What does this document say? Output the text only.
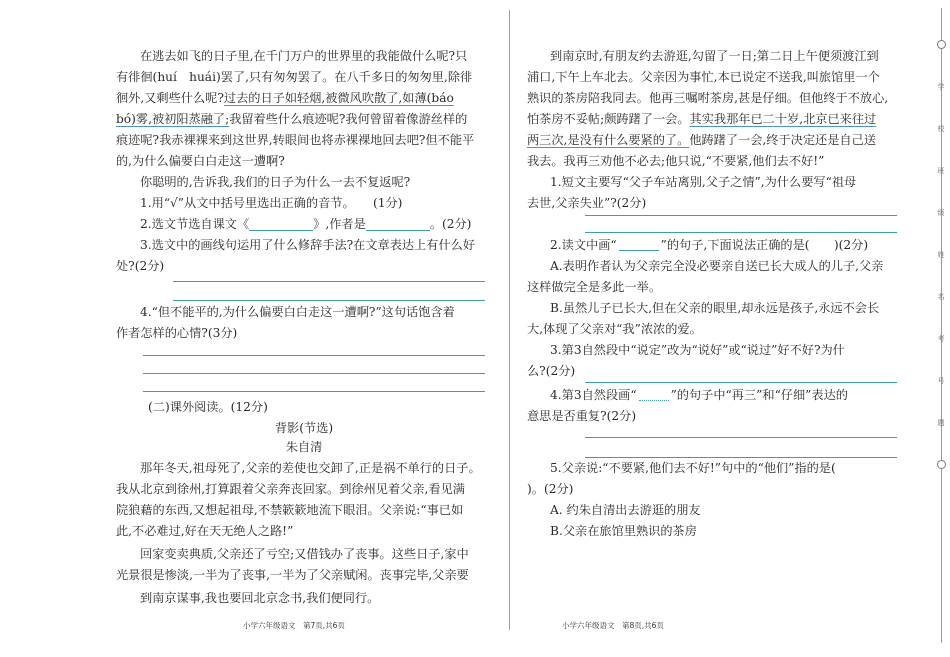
在逃去如飞的日子里,在千门万户的世界里的我能做什么呢?只
有徘徊(huí　huái)罢了,只有匆匆罢了。在八千多日的匆匆里,除徘
徊外,又剩些什么呢?过去的日子如轻烟,被微风吹散了,如薄(báo
bó)雾,被初阳蒸融了;我留着些什么痕迹呢?我何曾留着像游丝样的
痕迹呢?我赤裸裸来到这世界,转眼间也将赤裸裸地回去吧?但不能平
的,为什么偏要白白走这一遭啊?
你聪明的,告诉我,我们的日子为什么一去不复返呢?
1.用“√”从文中括号里选出正确的音节。　　(1分)
2.选文节选自课文《	》,作者是	。(2分)
3.选文中的画线句运用了什么修辞手法?在文章表达上有什么好
处?(2分)
4.“但不能平的,为什么偏要白白走这一遭啊?”这句话饱含着
作者怎样的心情?(3分)
(二)课外阅读。(12分)
背影(节选)
朱自清
那年冬天,祖母死了,父亲的差使也交卸了,正是祸不单行的日子。
我从北京到徐州,打算跟着父亲奔丧回家。到徐州见着父亲,看见满
院狼藉的东西,又想起祖母,不禁簌簌地流下眼泪。父亲说:“事已如
此,不必难过,好在天无绝人之路!”
回家变卖典质,父亲还了亏空;又借钱办了丧事。这些日子,家中
光景很是惨淡,一半为了丧事,一半为了父亲赋闲。丧事完毕,父亲要
到南京谋事,我也要回北京念书,我们便同行。
小学六年级语文　第7页,共6页
到南京时,有朋友约去游逛,勾留了一日;第二日上午便须渡江到
浦口,下午上车北去。父亲因为事忙,本已说定不送我,叫旅馆里一个
熟识的茶房陪我同去。他再三嘱咐茶房,甚是仔细。但他终于不放心,
怕茶房不妥帖;颇踌躇了一会。其实我那年已二十岁,北京已来往过
两三次,是没有什么要紧的了。他踌躇了一会,终于决定还是自己送
我去。我再三劝他不必去;他只说,“不要紧,他们去不好!”
1.短文主要写“父子车站离别,父子之情”,为什么要写“祖母
去世,父亲失业”?(2分)
2.读文中画“	”的句子,下面说法正确的是(　　)(2分)
A.表明作者认为父亲完全没必要亲自送已长大成人的儿子,父亲
这样做完全是多此一举。
B.虽然儿子已长大,但在父亲的眼里,却永远是孩子,永远不会长
大,体现了父亲对“我”浓浓的爱。
3.第3自然段中“说定”改为“说好”或“说过”好不好?为什
么?(2分)
4.第3自然段画“	”的句子中“再三”和“仔细”表达的
意思是否重复?(2分)
5.父亲说:“不要紧,他们去不好!”句中的“他们”指的是(
)。(2分)
A. 约朱自清出去游逛的朋友
B.父亲在旅馆里熟识的茶房
小学六年级语文　第8页,共6页
学
校
班
级
姓
名
考
号
题
